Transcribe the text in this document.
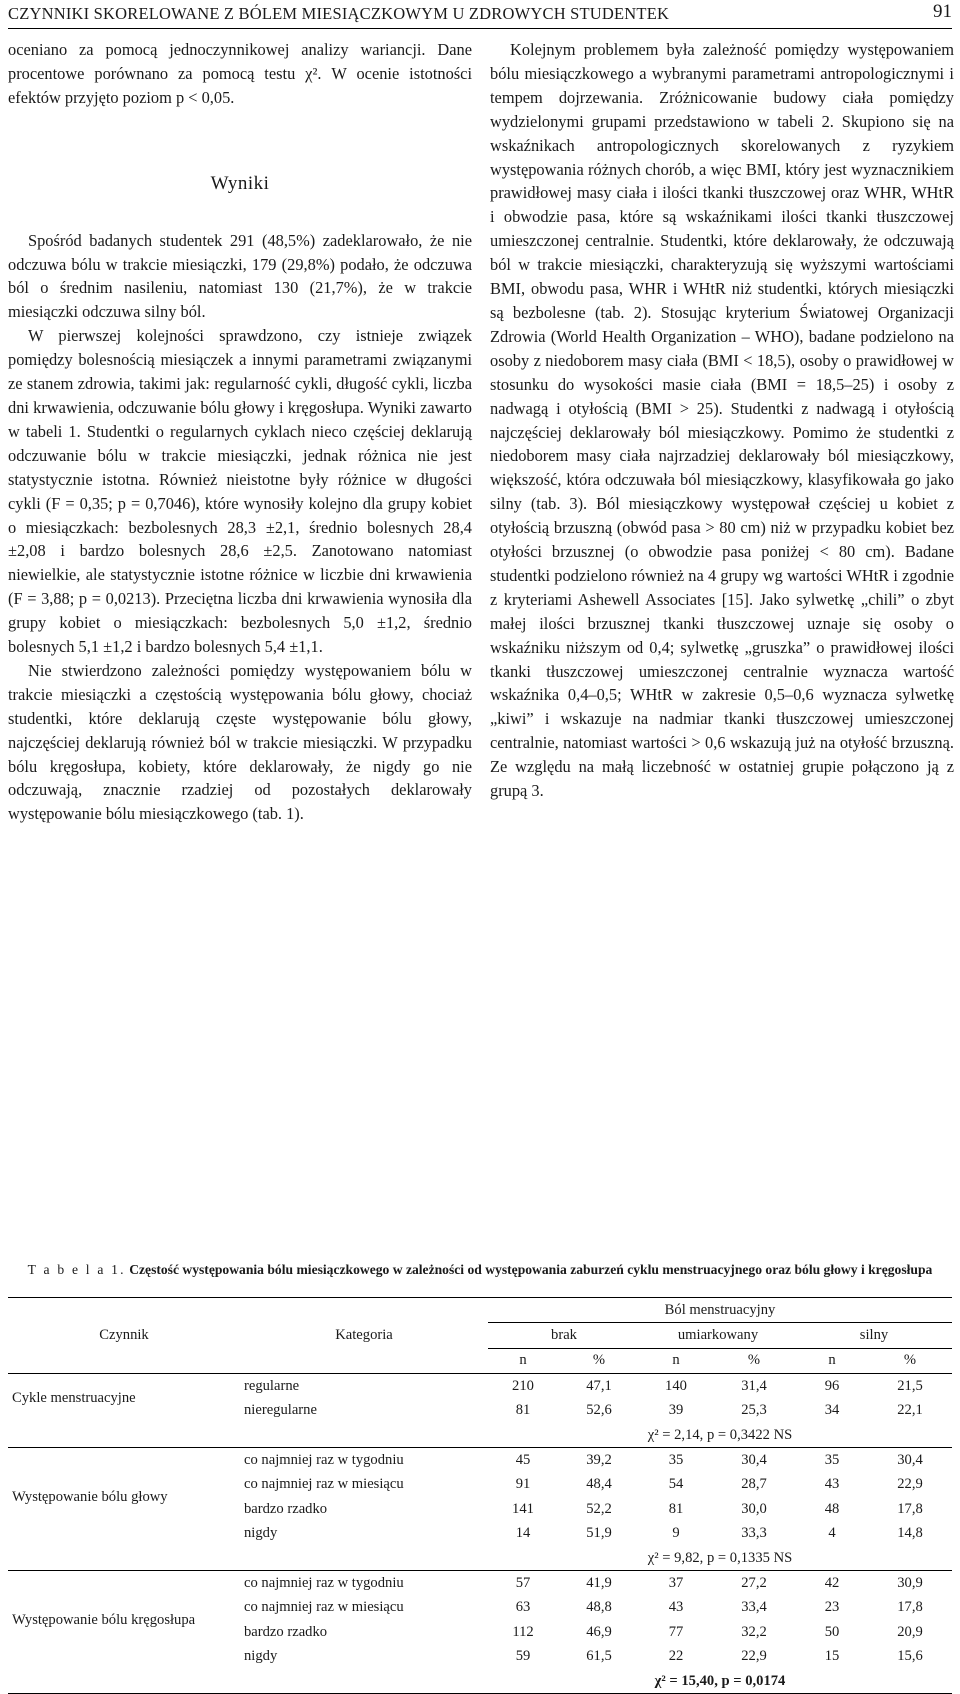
CZYNNIKI SKORELOWANE Z BÓLEM MIESIĄCZKOWYM U ZDROWYCH STUDENTEK	91

oceniano za pomocą jednoczynnikowej analizy wariancji. Dane procentowe porównano za pomocą testu χ². W ocenie istotności efektów przyjęto poziom p < 0,05.

Wyniki

Spośród badanych studentek 291 (48,5%) zadeklarowało, że nie odczuwa bólu w trakcie miesiączki, 179 (29,8%) podało, że odczuwa ból o średnim nasileniu, natomiast 130 (21,7%), że w trakcie miesiączki odczuwa silny ból.

W pierwszej kolejności sprawdzono, czy istnieje związek pomiędzy bolesnością miesiączek a innymi parametrami związanymi ze stanem zdrowia, takimi jak: regularność cykli, długość cykli, liczba dni krwawienia, odczuwanie bólu głowy i kręgosłupa. Wyniki zawarto w tabeli 1. Studentki o regularnych cyklach nieco częściej deklarują odczuwanie bólu w trakcie miesiączki, jednak różnica nie jest statystycznie istotna. Również nieistotne były różnice w długości cykli (F = 0,35; p = 0,7046), które wynosiły kolejno dla grupy kobiet o miesiączkach: bezbolesnych 28,3 ±2,1, średnio bolesnych 28,4 ±2,08 i bardzo bolesnych 28,6 ±2,5. Zanotowano natomiast niewielkie, ale statystycznie istotne różnice w liczbie dni krwawienia (F = 3,88; p = 0,0213). Przeciętna liczba dni krwawienia wynosiła dla grupy kobiet o miesiączkach: bezbolesnych 5,0 ±1,2, średnio bolesnych 5,1 ±1,2 i bardzo bolesnych 5,4 ±1,1.

Nie stwierdzono zależności pomiędzy występowaniem bólu w trakcie miesiączki a częstością występowania bólu głowy, chociaż studentki, które deklarują częste występowanie bólu głowy, najczęściej deklarują również ból w trakcie miesiączki. W przypadku bólu kręgosłupa, kobiety, które deklarowały, że nigdy go nie odczuwają, znacznie rzadziej od pozostałych deklarowały występowanie bólu miesiączkowego (tab. 1).

Kolejnym problemem była zależność pomiędzy występowaniem bólu miesiączkowego a wybranymi parametrami antropologicznymi i tempem dojrzewania. Zróżnicowanie budowy ciała pomiędzy wydzielonymi grupami przedstawiono w tabeli 2. Skupiono się na wskaźnikach antropologicznych skorelowanych z ryzykiem występowania różnych chorób, a więc BMI, który jest wyznacznikiem prawidłowej masy ciała i ilości tkanki tłuszczowej oraz WHR, WHtR i obwodzie pasa, które są wskaźnikami ilości tkanki tłuszczowej umieszczonej centralnie. Studentki, które deklarowały, że odczuwają ból w trakcie miesiączki, charakteryzują się wyższymi wartościami BMI, obwodu pasa, WHR i WHtR niż studentki, których miesiączki są bezbolesne (tab. 2). Stosując kryterium Światowej Organizacji Zdrowia (World Health Organization – WHO), badane podzielono na osoby z niedoborem masy ciała (BMI < 18,5), osoby o prawidłowej w stosunku do wysokości masie ciała (BMI = 18,5–25) i osoby z nadwagą i otyłością (BMI > 25). Studentki z nadwagą i otyłością najczęściej deklarowały ból miesiączkowy. Pomimo że studentki z niedoborem masy ciała najrzadziej deklarowały ból miesiączkowy, większość, która odczuwała ból miesiączkowy, klasyfikowała go jako silny (tab. 3). Ból miesiączkowy występował częściej u kobiet z otyłością brzuszną (obwód pasa > 80 cm) niż w przypadku kobiet bez otyłości brzusznej (o obwodzie pasa poniżej < 80 cm). Badane studentki podzielono również na 4 grupy wg wartości WHtR i zgodnie z kryteriami Ashewell Associates [15]. Jako sylwetkę „chili” o zbyt małej ilości brzusznej tkanki tłuszczowej uznaje się osoby o wskaźniku niższym od 0,4; sylwetkę „gruszka” o prawidłowej ilości tkanki tłuszczowej umieszczonej centralnie wyznacza wartość wskaźnika 0,4–0,5; WHtR w zakresie 0,5–0,6 wyznacza sylwetkę „kiwi” i wskazuje na nadmiar tkanki tłuszczowej umieszczonej centralnie, natomiast wartości > 0,6 wskazują już na otyłość brzuszną. Ze względu na małą liczebność w ostatniej grupie połączono ją z grupą 3.

T a b e l a 1. Częstość występowania bólu miesiączkowego w zależności od występowania zaburzeń cyklu menstruacyjnego oraz bólu głowy i kręgosłupa
Czynnik	Kategoria	Ból menstruacyjny					
		brak		umiarkowany		silny	
		n	%	n	%	n	%
Cykle menstruacyjne	regularne	210	47,1	140	31,4	96	21,5
	nieregularne	81	52,6	39	25,3	34	22,1
		χ² = 2,14, p = 0,3422 NS					
Występowanie bólu głowy	co najmniej raz w tygodniu	45	39,2	35	30,4	35	30,4
	co najmniej raz w miesiącu	91	48,4	54	28,7	43	22,9
	bardzo rzadko	141	52,2	81	30,0	48	17,8
	nigdy	14	51,9	9	33,3	4	14,8
		χ² = 9,82, p = 0,1335 NS					
Występowanie bólu kręgosłupa	co najmniej raz w tygodniu	57	41,9	37	27,2	42	30,9
	co najmniej raz w miesiącu	63	48,8	43	33,4	23	17,8
	bardzo rzadko	112	46,9	77	32,2	50	20,9
	nigdy	59	61,5	22	22,9	15	15,6
		χ² = 15,40, p = 0,0174					
